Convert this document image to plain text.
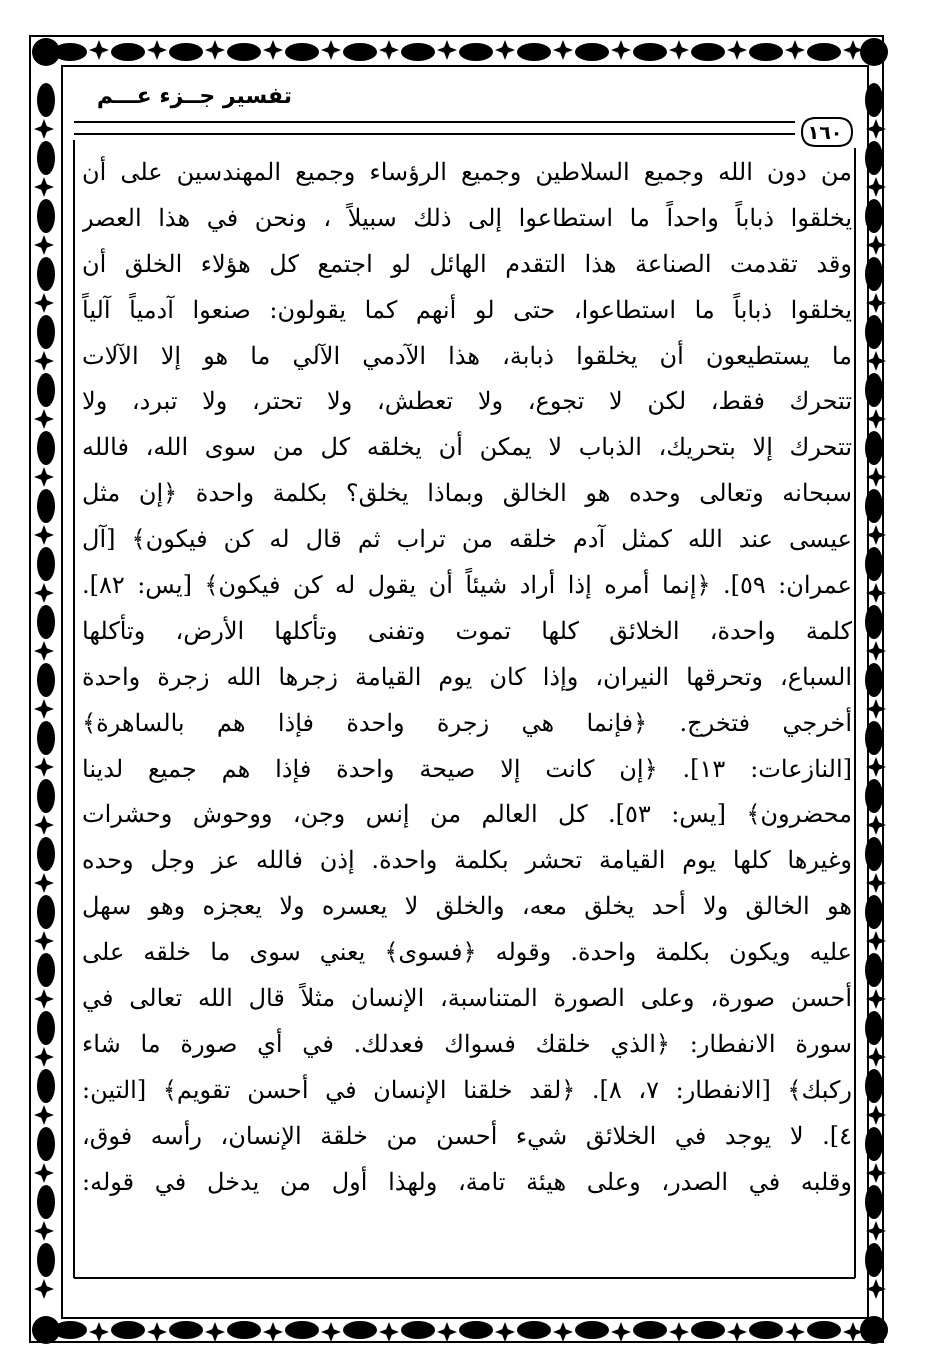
تفسير جــزء عـــم
١٦٠
من دون الله وجميع السلاطين وجميع الرؤساء وجميع المهندسين على أن
يخلقوا ذباباً واحداً ما استطاعوا إلى ذلك سبيلاً ، ونحن في هذا العصر
وقد تقدمت الصناعة هذا التقدم الهائل لو اجتمع كل هؤلاء الخلق أن
يخلقوا ذباباً ما استطاعوا، حتى لو أنهم كما يقولون: صنعوا آدمياً آلياً
ما يستطيعون أن يخلقوا ذبابة، هذا الآدمي الآلي ما هو إلا الآلات
تتحرك فقط، لكن لا تجوع، ولا تعطش، ولا تحتر، ولا تبرد، ولا
تتحرك إلا بتحريك، الذباب لا يمكن أن يخلقه كل من سوى الله، فالله
سبحانه وتعالى وحده هو الخالق وبماذا يخلق؟ بكلمة واحدة ﴿إن مثل
عيسى عند الله كمثل آدم خلقه من تراب ثم قال له كن فيكون﴾ [آل
عمران: ٥٩]. ﴿إنما أمره إذا أراد شيئاً أن يقول له كن فيكون﴾ [يس: ٨٢].
كلمة واحدة، الخلائق كلها تموت وتفنى وتأكلها الأرض، وتأكلها
السباع، وتحرقها النيران، وإذا كان يوم القيامة زجرها الله زجرة واحدة
أخرجي فتخرج. ﴿فإنما هي زجرة واحدة فإذا هم بالساهرة﴾
[النازعات: ١٣]. ﴿إن كانت إلا صيحة واحدة فإذا هم جميع لدينا
محضرون﴾ [يس: ٥٣]. كل العالم من إنس وجن، ووحوش وحشرات
وغيرها كلها يوم القيامة تحشر بكلمة واحدة. إذن فالله عز وجل وحده
هو الخالق ولا أحد يخلق معه، والخلق لا يعسره ولا يعجزه وهو سهل
عليه ويكون بكلمة واحدة. وقوله ﴿فسوى﴾ يعني سوى ما خلقه على
أحسن صورة، وعلى الصورة المتناسبة، الإنسان مثلاً قال الله تعالى في
سورة الانفطار: ﴿الذي خلقك فسواك فعدلك. في أي صورة ما شاء
ركبك﴾ [الانفطار: ٧، ٨]. ﴿لقد خلقنا الإنسان في أحسن تقويم﴾ [التين:
٤]. لا يوجد في الخلائق شيء أحسن من خلقة الإنسان، رأسه فوق،
وقلبه في الصدر، وعلى هيئة تامة، ولهذا أول من يدخل في قوله:
